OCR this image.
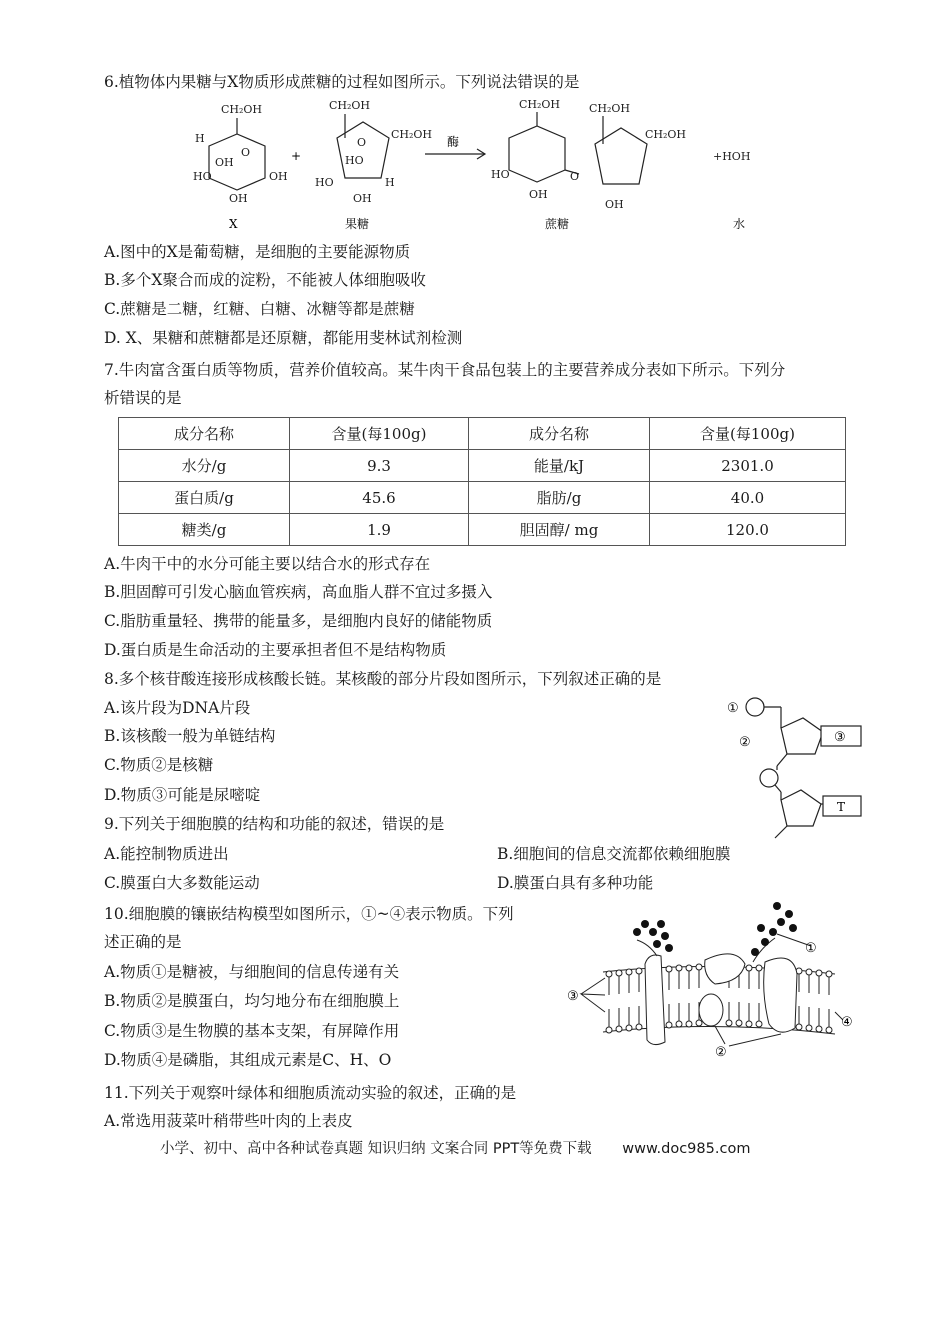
6.植物体内果糖与X物质形成蔗糖的过程如图所示。下列说法错误的是
CH₂OH
H
O
OH
HO	OH
OH
X
+
CH₂OH
O
CH₂OH
HO
HO	H
OH
果糖
酶
CH₂OH	CH₂OH
CH₂OH
HO	O
OH
OH
蔗糖
+HOH
水
A.图中的X是葡萄糖，是细胞的主要能源物质
B.多个X聚合而成的淀粉，不能被人体细胞吸收
C.蔗糖是二糖，红糖、白糖、冰糖等都是蔗糖
D. X、果糖和蔗糖都是还原糖，都能用斐林试剂检测
7.牛肉富含蛋白质等物质，营养价值较高。某牛肉干食品包装上的主要营养成分表如下所示。下列分
析错误的是
成分名称	含量(每100g)	成分名称	含量(每100g)
水分/g	9.3	能量/kJ	2301.0
蛋白质/g	45.6	脂肪/g	40.0
糖类/g	1.9	胆固醇/ mg	120.0
A.牛肉干中的水分可能主要以结合水的形式存在
B.胆固醇可引发心脑血管疾病，高血脂人群不宜过多摄入
C.脂肪重量轻、携带的能量多，是细胞内良好的储能物质
D.蛋白质是生命活动的主要承担者但不是结构物质
8.多个核苷酸连接形成核酸长链。某核酸的部分片段如图所示，下列叙述正确的是
A.该片段为DNA片段
B.该核酸一般为单链结构
C.物质②是核糖
D.物质③可能是尿嘧啶
①
②	③
T
9.下列关于细胞膜的结构和功能的叙述，错误的是
A.能控制物质进出	B.细胞间的信息交流都依赖细胞膜
C.膜蛋白大多数能运动	D.膜蛋白具有多种功能
10.细胞膜的镶嵌结构模型如图所示，①~④表示物质。下列
述正确的是
A.物质①是糖被，与细胞间的信息传递有关
B.物质②是膜蛋白，均匀地分布在细胞膜上
C.物质③是生物膜的基本支架，有屏障作用
D.物质④是磷脂，其组成元素是C、H、O
①
③
④
②
11.下列关于观察叶绿体和细胞质流动实验的叙述，正确的是
A.常选用菠菜叶稍带些叶肉的上表皮
小学、初中、高中各种试卷真题 知识归纳 文案合同 PPT等免费下载 www.doc985.com
